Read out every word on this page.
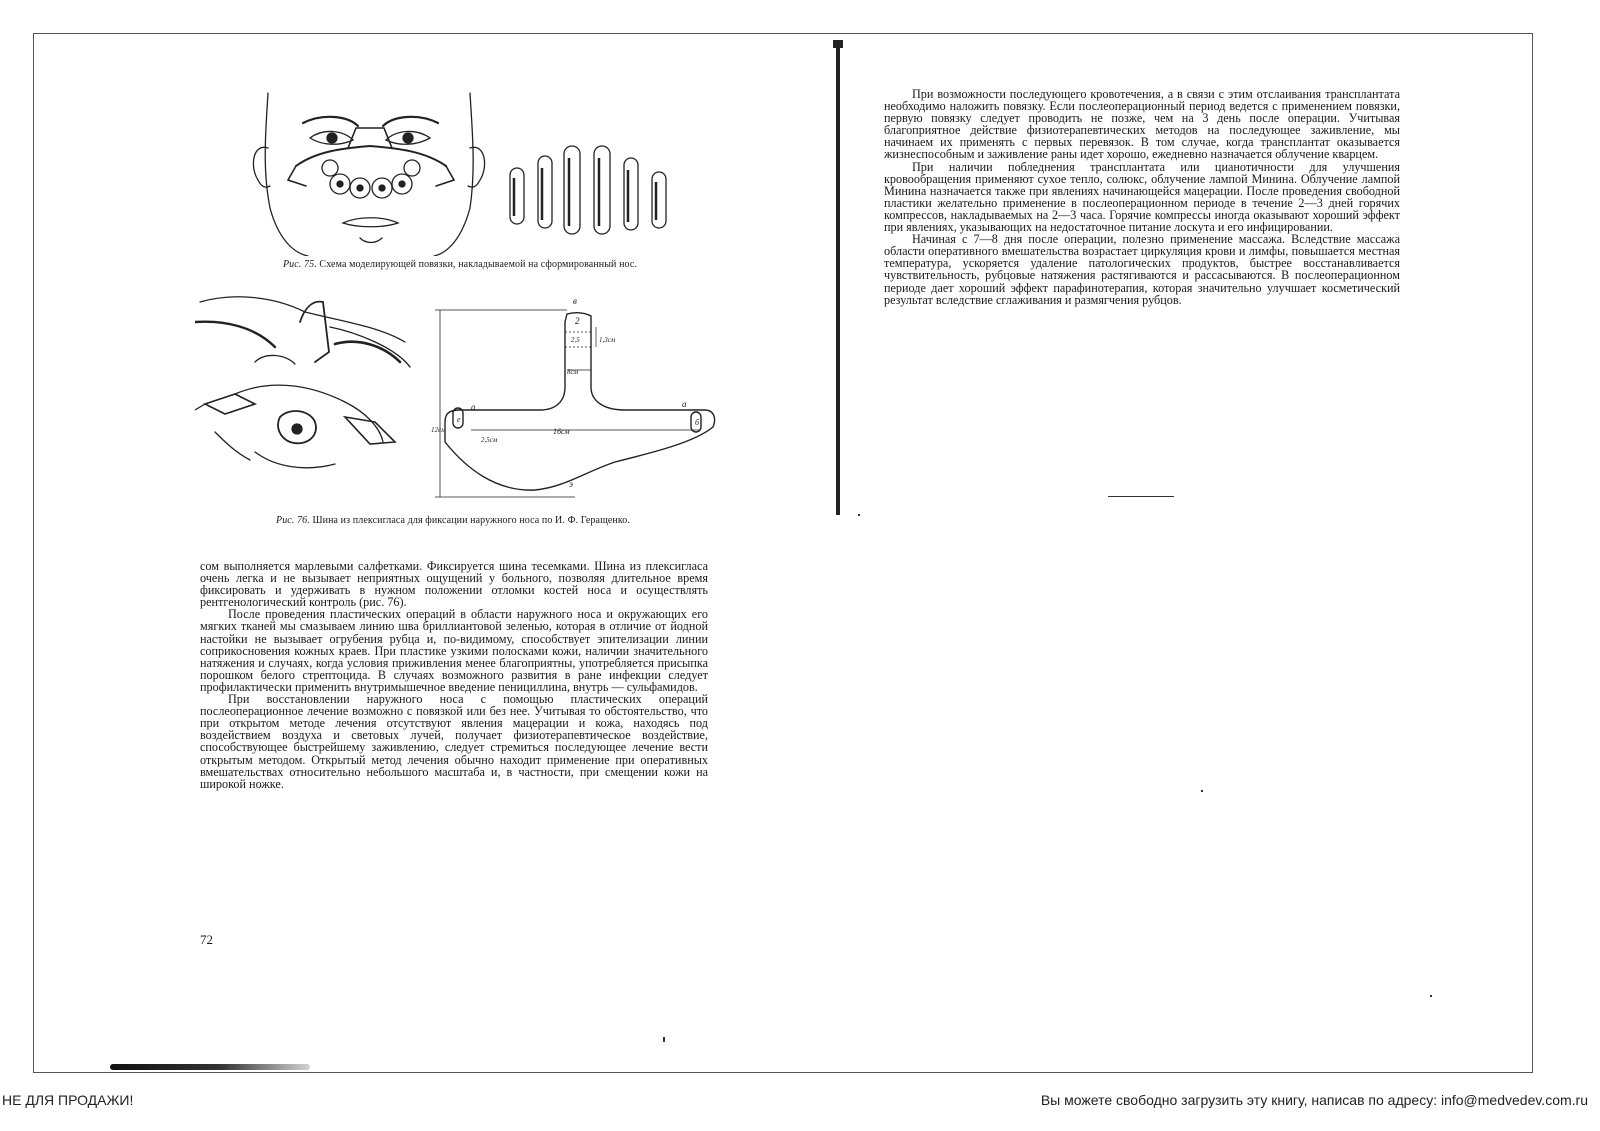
Рис. 75. Схема моделирующей повязки, накладываемой на сформированный нос.
в
2
2,5	1,3см
8см
а	а
е	б
16см
2,5см
12см
э
Рис. 76. Шина из плексигласа для фиксации наружного носа по И. Ф. Геращенко.

сом выполняется марлевыми салфетками. Фиксируется шина тесемками. Шина из плексигласа очень легка и не вызывает неприятных ощущений у больного, позволяя длительное время фиксировать и удерживать в нужном положении отломки костей носа и осуществлять рентгенологический контроль (рис. 76).

После проведения пластических операций в области наружного носа и окружающих его мягких тканей мы смазываем линию шва бриллиантовой зеленью, которая в отличие от йодной настойки не вызывает огрубения рубца и, по-видимому, способствует эпителизации линии соприкосновения кожных краев. При пластике узкими полосками кожи, наличии значительного натяжения и случаях, когда условия приживления менее благоприятны, употребляется присыпка порошком белого стрептоцида. В случаях возможного развития в ране инфекции следует профилактически применить внутримышечное введение пенициллина, внутрь — сульфамидов.

При восстановлении наружного носа с помощью пластических операций послеоперационное лечение возможно с повязкой или без нее. Учитывая то обстоятельство, что при открытом методе лечения отсутствуют явления мацерации и кожа, находясь под воздействием воздуха и световых лучей, получает физиотерапевтическое воздействие, способствующее быстрейшему заживлению, следует стремиться последующее лечение вести открытым методом. Открытый метод лечения обычно находит применение при оперативных вмешательствах относительно небольшого масштаба и, в частности, при смещении кожи на широкой ножке.

72

При возможности последующего кровотечения, а в связи с этим отслаивания трансплантата необходимо наложить повязку. Если послеоперационный период ведется с применением повязки, первую повязку следует проводить не позже, чем на 3 день после операции. Учитывая благоприятное действие физиотерапевтических методов на последующее заживление, мы начинаем их применять с первых перевязок. В том случае, когда трансплантат оказывается жизнеспособным и заживление раны идет хорошо, ежедневно назначается облучение кварцем.

При наличии побледнения трансплантата или цианотичности для улучшения кровообращения применяют сухое тепло, солюкс, облучение лампой Минина. Облучение лампой Минина назначается также при явлениях начинающейся мацерации. После проведения свободной пластики желательно применение в послеоперационном периоде в течение 2—3 дней горячих компрессов, накладываемых на 2—3 часа. Горячие компрессы иногда оказывают хороший эффект при явлениях, указывающих на недостаточное питание лоскута и его инфицировании.

Начиная с 7—8 дня после операции, полезно применение массажа. Вследствие массажа области оперативного вмешательства возрастает циркуляция крови и лимфы, повышается местная температура, ускоряется удаление патологических продуктов, быстрее восстанавливается чувствительность, рубцовые натяжения растягиваются и рассасываются. В послеоперационном периоде дает хороший эффект парафинотерапия, которая значительно улучшает косметический результат вследствие сглаживания и размягчения рубцов.

НЕ ДЛЯ ПРОДАЖИ!	Вы можете свободно загрузить эту книгу, написав по адресу: info@medvedev.com.ru
